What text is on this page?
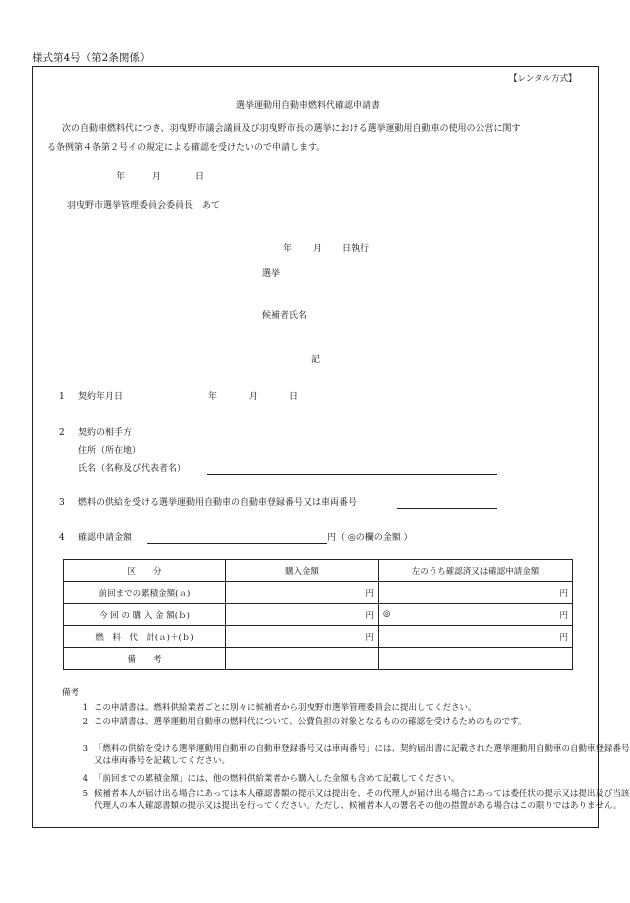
様式第4号（第2条関係）
【レンタル方式】
選挙運動用自動車燃料代確認申請書
次の自動車燃料代につき、羽曳野市議会議員及び羽曳野市長の選挙における選挙運動用自動車の使用の公営に関す
る条例第４条第２号イの規定による確認を受けたいので申請します。
年	月	日
羽曳野市選挙管理委員会委員長　あて
年 月 日執行
選挙
候補者氏名
記
1 契約年月日	年	月	日
2 契約の相手方
住所（所在地）
氏名（名称及び代表者名）
3 燃料の供給を受ける選挙運動用自動車の自動車登録番号又は車両番号
4 確認申請金額	円（ ◎の欄の金額 ）
区　　分	購入金額	左のうち確認済又は確認申請金額
前回までの累積金額(ａ)	円	円

今 回 の 購 入 金 額(ｂ)	円	◎ 円

燃　料　代　計(ａ)＋(ｂ)	円	円

備　　考		
備考
1 この申請書は、燃料供給業者ごとに別々に候補者から羽曳野市選挙管理委員会に提出してください。
2 この申請書は、選挙運動用自動車の燃料代について、公費負担の対象となるものの確認を受けるためのものです。
3 「燃料の供給を受ける選挙運動用自動車の自動車登録番号又は車両番号」には、契約届出書に記載された選挙運動用自動車の自動車登録番号又は車両番号を記載してください。
4 「前回までの累積金額」には、他の燃料供給業者から購入した金額も含めて記載してください。
5 候補者本人が届け出る場合にあっては本人確認書類の提示又は提出を、その代理人が届け出る場合にあっては委任状の提示又は提出及び当該代理人の本人確認書類の提示又は提出を行ってください。ただし、候補者本人の署名その他の措置がある場合はこの限りではありません。
